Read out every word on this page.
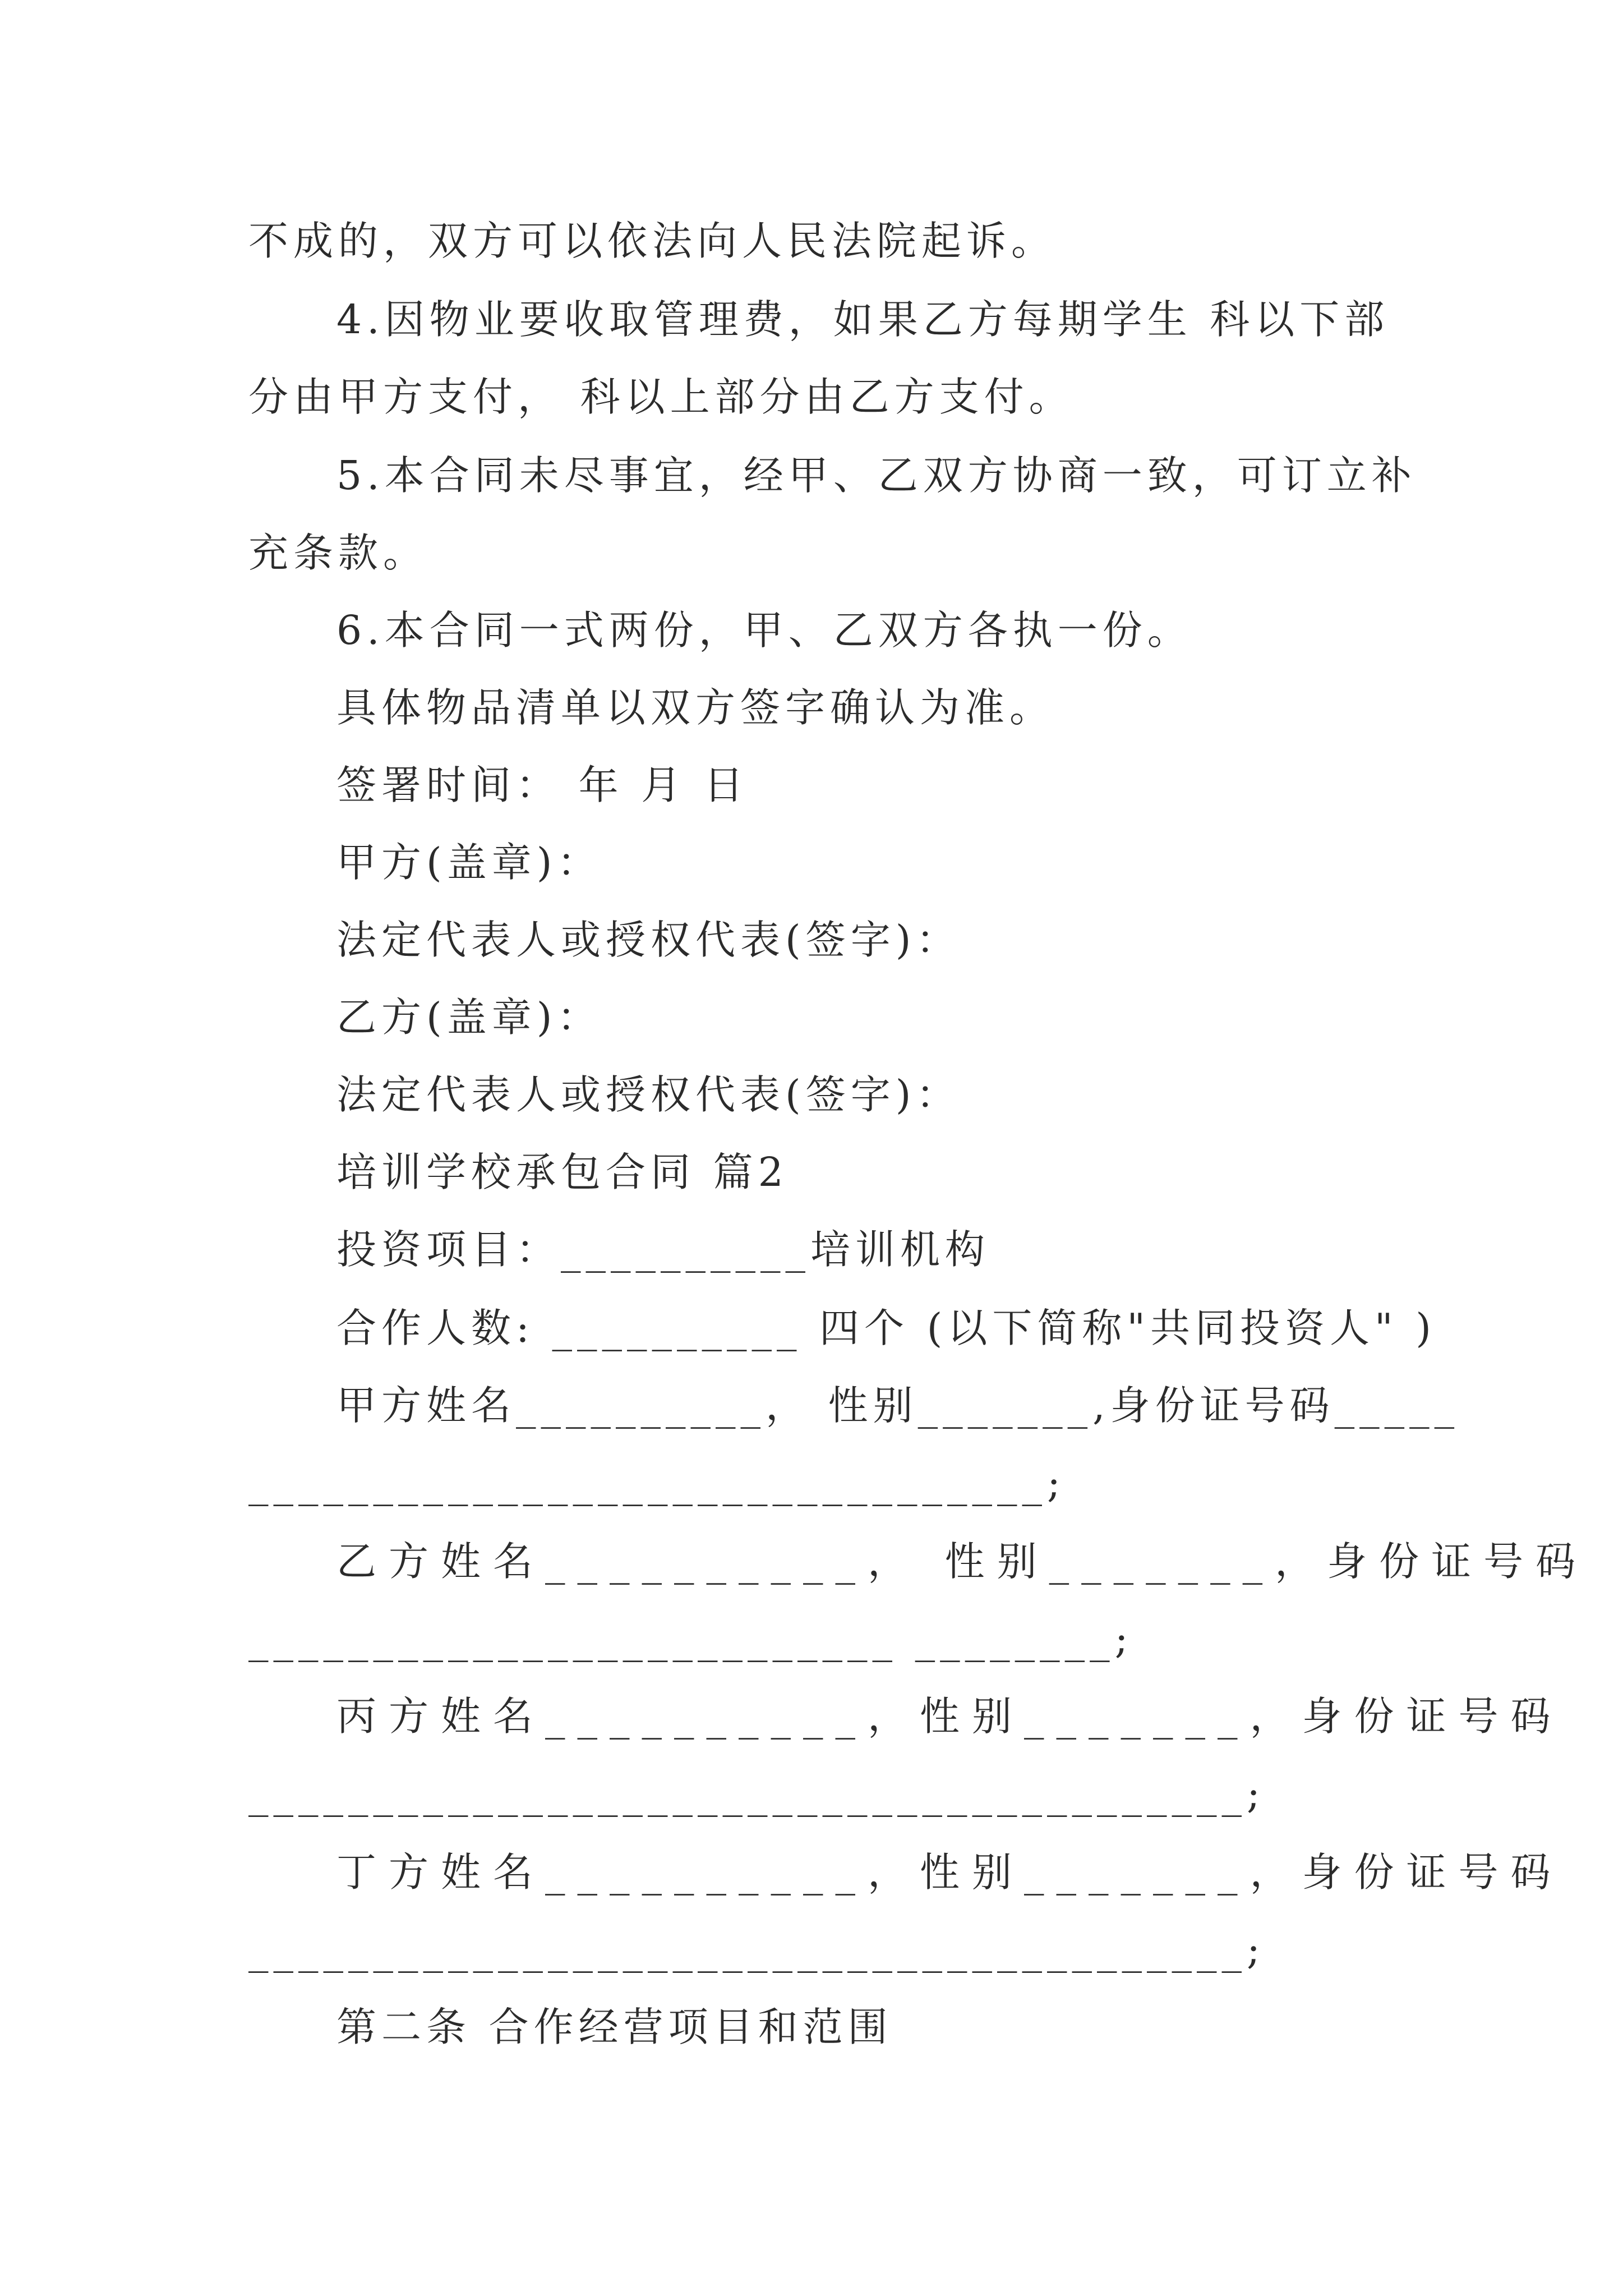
不成的，双方可以依法向人民法院起诉。
4.因物业要收取管理费，如果乙方每期学生 科以下部
分由甲方支付， 科以上部分由乙方支付。
5.本合同未尽事宜，经甲、乙双方协商一致，可订立补
充条款。
6.本合同一式两份，甲、乙双方各执一份。
具体物品清单以双方签字确认为准。
签署时间： 年 月 日
甲方(盖章)：
法定代表人或授权代表(签字)：
乙方(盖章)：
法定代表人或授权代表(签字)：
培训学校承包合同 篇2
投资项目：__________培训机构
合作人数: __________ 四个 (以下简称"共同投资人" )
甲方姓名__________， 性别_______,身份证号码_____
________________________________;
乙方姓名__________， 性别_______，身份证号码
__________________________ ________;
丙方姓名__________，性别_______，身份证号码
________________________________________;
丁方姓名__________，性别_______，身份证号码
________________________________________;
第二条 合作经营项目和范围
